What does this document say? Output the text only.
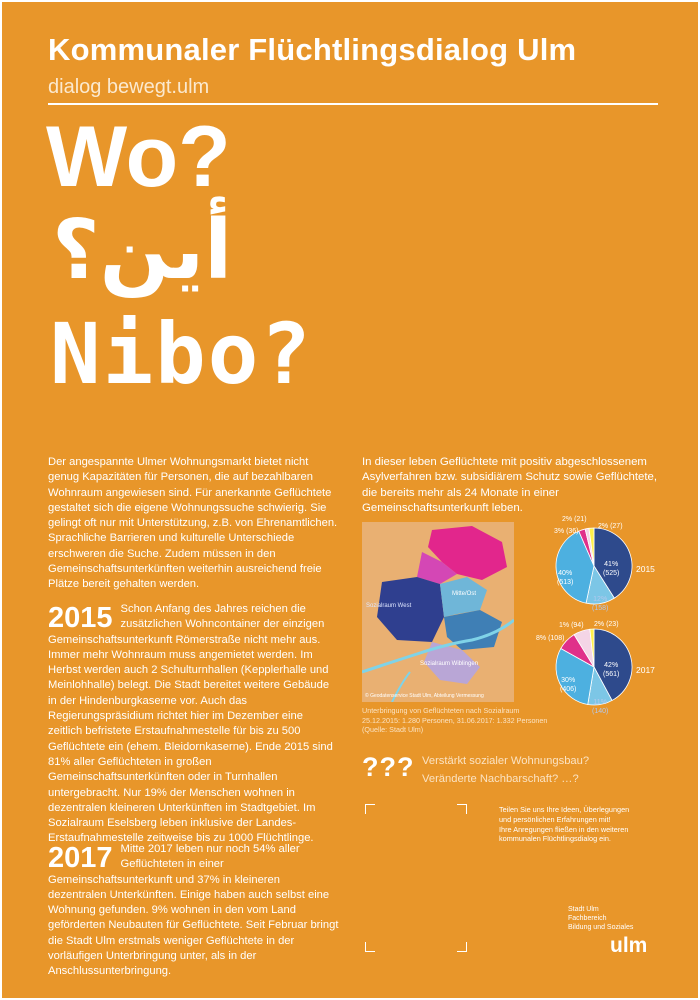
Kommunaler Flüchtlingsdialog Ulm
dialog bewegt.ulm
Wo?
أين؟
Nibo?

Der angespannte Ulmer Wohnungsmarkt bietet nicht genug Kapazitäten für Personen, die auf bezahlbaren Wohnraum angewiesen sind. Für anerkannte Geflüchtete gestaltet sich die eigene Wohnungssuche schwierig. Sie gelingt oft nur mit Unterstützung, z.B. von Ehrenamtlichen. Sprachliche Barrieren und kulturelle Unterschiede erschweren die Suche. Zudem müssen in den Gemeinschaftsunterkünften weiterhin ausreichend freie Plätze bereit gehalten werden.

2015 Schon Anfang des Jahres reichen die zusätzlichen Wohncontainer der einzigen Gemeinschaftsunterkunft Römerstraße nicht mehr aus. Immer mehr Wohnraum muss angemietet werden. Im Herbst werden auch 2 Schulturnhallen (Kepplerhalle und Meinlohhalle) belegt. Die Stadt bereitet weitere Gebäude in der Hindenburgkaserne vor. Auch das Regierungspräsidium richtet hier im Dezember eine zeitlich befristete Erstaufnahmestelle für bis zu 500 Geflüchtete ein (ehem. Bleidornkaserne). Ende 2015 sind 81% aller Geflüchteten in großen Gemeinschaftsunterkünften oder in Turnhallen untergebracht. Nur 19% der Menschen wohnen in dezentralen kleineren Unterkünften im Stadtgebiet. Im Sozialraum Eselsberg leben inklusive der Landes-Erstaufnahmestelle zeitweise bis zu 1000 Flüchtlinge.
2017 Mitte 2017 leben nur noch 54% aller Geflüchteten in einer Gemeinschaftsunterkunft und 37% in kleineren dezentralen Unterkünften. Einige haben auch selbst eine Wohnung gefunden. 9% wohnen in den vom Land geförderten Neubauten für Geflüchtete. Seit Februar bringt die Stadt Ulm erstmals weniger Geflüchtete in der vorläufigen Unterbringung unter, als in der Anschlussunterbringung.

In dieser leben Geflüchtete mit positiv abgeschlossenem Asylverfahren bzw. subsidiärem Schutz sowie Geflüchtete, die bereits mehr als 24 Monate in einer Gemeinschaftsunterkunft leben.

Sozialraum West
Mitte/Ost
Sozialraum Wiblingen
© Geodatenservice Stadt Ulm, Abteilung Vermessung
Unterbringung von Geflüchteten nach Sozialraum
25.12.2015: 1.280 Personen, 31.06.2017: 1.332 Personen
(Quelle: Stadt Ulm)
41%
(525)
12%
(158)
40%
(513)
3% (36)
2% (21)
2% (27)
2015
42%
(561)
11%
(140)
30%
(406)
8% (108)
1% (94) 2% (23)
2017
??? Verstärkt sozialer Wohnungsbau?
Veränderte Nachbarschaft? …?
Teilen Sie uns Ihre Ideen, Überlegungen
und persönlichen Erfahrungen mit!
Ihre Anregungen fließen in den weiteren
kommunalen Flüchtlingsdialog ein.
Stadt Ulm
Fachbereich
Bildung und Soziales
ulm
